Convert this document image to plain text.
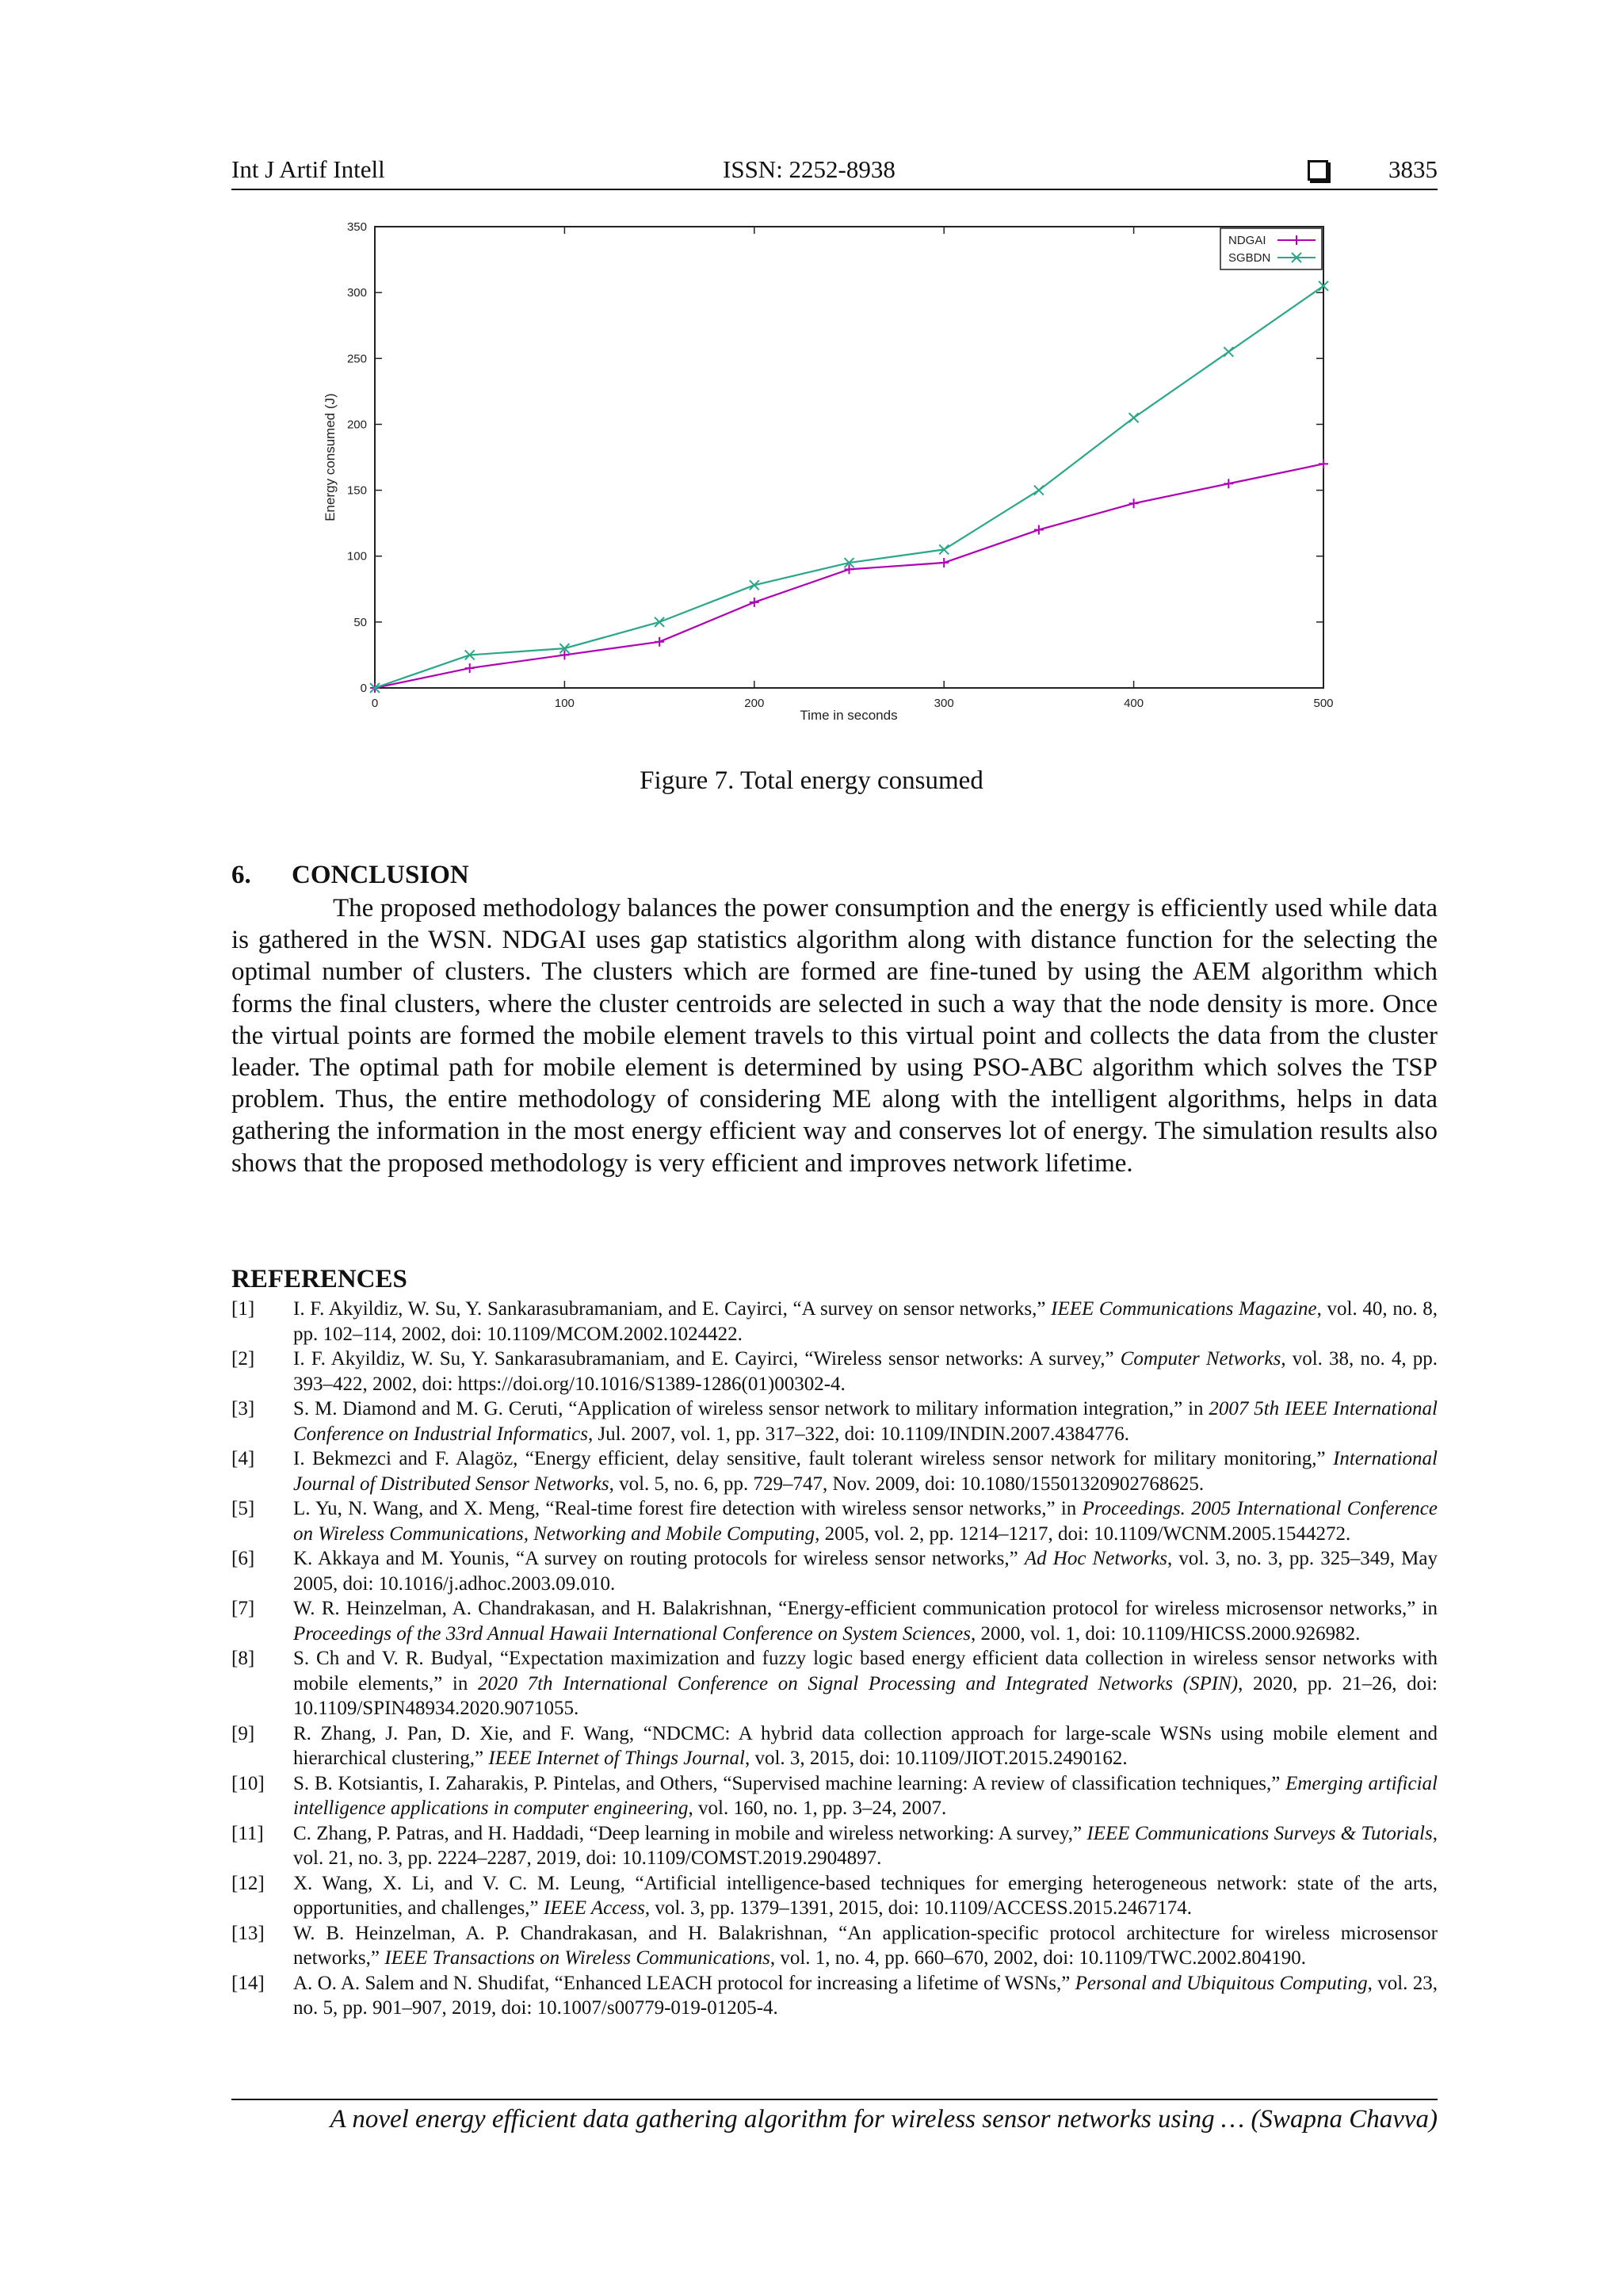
Int J Artif Intell	ISSN: 2252-8938	3835
0	100	200	300	400	500
0
50
100
150
200
250
300
350
Time in seconds
Energy consumed (J)
NDGAI
SGBDN
Figure 7. Total energy consumed
6. CONCLUSION
The proposed methodology balances the power consumption and the energy is efficiently used while data is gathered in the WSN. NDGAI uses gap statistics algorithm along with distance function for the selecting the optimal number of clusters. The clusters which are formed are fine-tuned by using the AEM algorithm which forms the final clusters, where the cluster centroids are selected in such a way that the node density is more. Once the virtual points are formed the mobile element travels to this virtual point and collects the data from the cluster leader. The optimal path for mobile element is determined by using PSO-ABC algorithm which solves the TSP problem. Thus, the entire methodology of considering ME along with the intelligent algorithms, helps in data gathering the information in the most energy efficient way and conserves lot of energy. The simulation results also shows that the proposed methodology is very efficient and improves network lifetime.
REFERENCES
[1] I. F. Akyildiz, W. Su, Y. Sankarasubramaniam, and E. Cayirci, “A survey on sensor networks,” IEEE Communications Magazine, vol. 40, no. 8, pp. 102–114, 2002, doi: 10.1109/MCOM.2002.1024422.
[2] I. F. Akyildiz, W. Su, Y. Sankarasubramaniam, and E. Cayirci, “Wireless sensor networks: A survey,” Computer Networks, vol. 38, no. 4, pp. 393–422, 2002, doi: https://doi.org/10.1016/S1389-1286(01)00302-4.
[3] S. M. Diamond and M. G. Ceruti, “Application of wireless sensor network to military information integration,” in 2007 5th IEEE International Conference on Industrial Informatics, Jul. 2007, vol. 1, pp. 317–322, doi: 10.1109/INDIN.2007.4384776.
[4] I. Bekmezci and F. Alagöz, “Energy efficient, delay sensitive, fault tolerant wireless sensor network for military monitoring,” International Journal of Distributed Sensor Networks, vol. 5, no. 6, pp. 729–747, Nov. 2009, doi: 10.1080/15501320902768625.
[5] L. Yu, N. Wang, and X. Meng, “Real-time forest fire detection with wireless sensor networks,” in Proceedings. 2005 International Conference on Wireless Communications, Networking and Mobile Computing, 2005, vol. 2, pp. 1214–1217, doi: 10.1109/WCNM.2005.1544272.
[6] K. Akkaya and M. Younis, “A survey on routing protocols for wireless sensor networks,” Ad Hoc Networks, vol. 3, no. 3, pp. 325–349, May 2005, doi: 10.1016/j.adhoc.2003.09.010.
[7] W. R. Heinzelman, A. Chandrakasan, and H. Balakrishnan, “Energy-efficient communication protocol for wireless microsensor networks,” in Proceedings of the 33rd Annual Hawaii International Conference on System Sciences, 2000, vol. 1, doi: 10.1109/HICSS.2000.926982.
[8] S. Ch and V. R. Budyal, “Expectation maximization and fuzzy logic based energy efficient data collection in wireless sensor networks with mobile elements,” in 2020 7th International Conference on Signal Processing and Integrated Networks (SPIN), 2020, pp. 21–26, doi: 10.1109/SPIN48934.2020.9071055.
[9] R. Zhang, J. Pan, D. Xie, and F. Wang, “NDCMC: A hybrid data collection approach for large-scale WSNs using mobile element and hierarchical clustering,” IEEE Internet of Things Journal, vol. 3, 2015, doi: 10.1109/JIOT.2015.2490162.
[10] S. B. Kotsiantis, I. Zaharakis, P. Pintelas, and Others, “Supervised machine learning: A review of classification techniques,” Emerging artificial intelligence applications in computer engineering, vol. 160, no. 1, pp. 3–24, 2007.
[11] C. Zhang, P. Patras, and H. Haddadi, “Deep learning in mobile and wireless networking: A survey,” IEEE Communications Surveys & Tutorials, vol. 21, no. 3, pp. 2224–2287, 2019, doi: 10.1109/COMST.2019.2904897.
[12] X. Wang, X. Li, and V. C. M. Leung, “Artificial intelligence-based techniques for emerging heterogeneous network: state of the arts, opportunities, and challenges,” IEEE Access, vol. 3, pp. 1379–1391, 2015, doi: 10.1109/ACCESS.2015.2467174.
[13] W. B. Heinzelman, A. P. Chandrakasan, and H. Balakrishnan, “An application-specific protocol architecture for wireless microsensor networks,” IEEE Transactions on Wireless Communications, vol. 1, no. 4, pp. 660–670, 2002, doi: 10.1109/TWC.2002.804190.
[14] A. O. A. Salem and N. Shudifat, “Enhanced LEACH protocol for increasing a lifetime of WSNs,” Personal and Ubiquitous Computing, vol. 23, no. 5, pp. 901–907, 2019, doi: 10.1007/s00779-019-01205-4.
A novel energy efficient data gathering algorithm for wireless sensor networks using … (Swapna Chavva)
